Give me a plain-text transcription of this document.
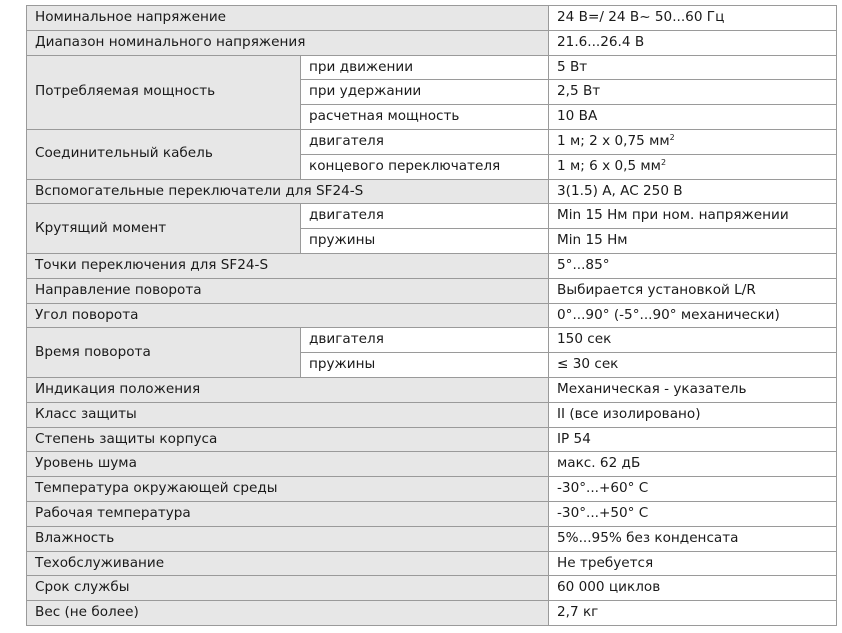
Номинальное напряжение		24 В=/ 24 В~ 50...60 Гц
Диапазон номинального напряжения		21.6...26.4 В
Потребляемая мощность	при движении	5 Вт
	при удержании	2,5 Вт
	расчетная мощность	10 ВА
Соединительный кабель	двигателя	1 м; 2 х 0,75 $мм^2$
	концевого переключателя	1 м; 6 х 0,5 $мм^2$
Вспомогательные переключатели для SF24-S		3(1.5) А, AC 250 В
Крутящий момент	двигателя	Min 15 Нм при ном. напряжении
	пружины	Min 15 Нм
Точки переключения для SF24-S		5°...85°
Направление поворота		Выбирается установкой L/R
Угол поворота		0°...90° (-5°...90° механически)
Время поворота	двигателя	150 сек
	пружины	≤ 30 сек
Индикация положения		Механическая - указатель
Класс защиты		II (все изолировано)
Степень защиты корпуса		IP 54
Уровень шума		макс. 62 дБ
Температура окружающей среды		-30°...+60° С
Рабочая температура		-30°...+50° С
Влажность		5%...95% без конденсата
Техобслуживание		Не требуется
Срок службы		60 000 циклов
Вес (не более)		2,7 кг
